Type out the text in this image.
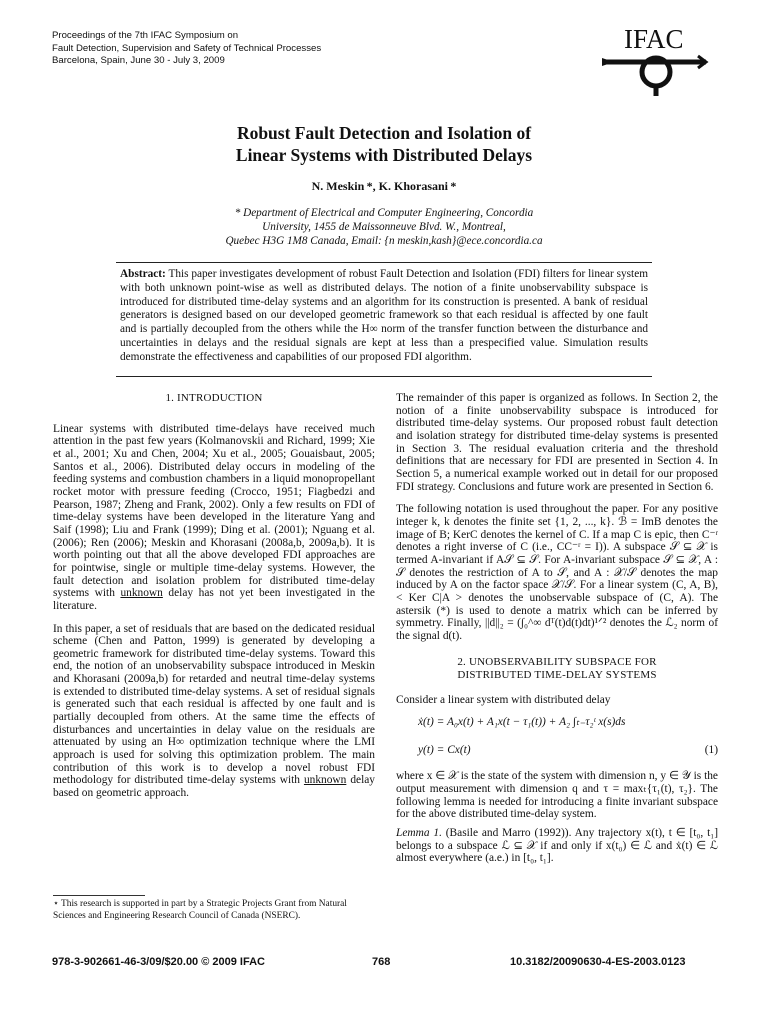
Proceedings of the 7th IFAC Symposium on
Fault Detection, Supervision and Safety of Technical Processes
Barcelona, Spain, June 30 - July 3, 2009
IFAC
Robust Fault Detection and Isolation of
Linear Systems with Distributed Delays
N. Meskin *, K. Khorasani *
* Department of Electrical and Computer Engineering, Concordia
University, 1455 de Maissonneuve Blvd. W., Montreal,
Quebec H3G 1M8 Canada, Email: {n meskin,kash}@ece.concordia.ca
Abstract: This paper investigates development of robust Fault Detection and Isolation (FDI) filters for linear system with both unknown point-wise as well as distributed delays. The notion of a finite unobservability subspace is introduced for distributed time-delay systems and an algorithm for its construction is presented. A bank of residual generators is designed based on our developed geometric framework so that each residual is affected by one fault and is partially decoupled from the others while the H∞ norm of the transfer function between the disturbance and uncertainties in delays and the residual signals are kept at less than a prespecified value. Simulation results demonstrate the effectiveness and capabilities of our proposed FDI algorithm.
1. INTRODUCTION

Linear systems with distributed time-delays have received much attention in the past few years (Kolmanovskii and Richard, 1999; Xie et al., 2001; Xu and Chen, 2004; Xu et al., 2005; Gouaisbaut, 2005; Santos et al., 2006). Distributed delay occurs in modeling of the feeding systems and combustion chambers in a liquid monopropellant rocket motor with pressure feeding (Crocco, 1951; Fiagbedzi and Pearson, 1987; Zheng and Frank, 2002). Only a few results on FDI of time-delay systems have been developed in the literature Yang and Saif (1998); Liu and Frank (1999); Ding et al. (2001); Nguang et al. (2006); Ren (2006); Meskin and Khorasani (2008a,b, 2009a,b). It is worth pointing out that all the above developed FDI approaches are for pointwise, single or multiple time-delay systems. However, the fault detection and isolation problem for distributed time-delay systems with unknown delay has not yet been investigated in the literature.

In this paper, a set of residuals that are based on the dedicated residual scheme (Chen and Patton, 1999) is generated by developing a geometric framework for distributed time-delay systems. Toward this end, the notion of an unobservability subspace introduced in Meskin and Khorasani (2009a,b) for retarded and neutral time-delay systems is extended to distributed time-delay systems. A set of residual signals is generated such that each residual is affected by one fault and is partially decoupled from others. At the same time the effects of disturbances and uncertainties in delay value on the residuals are attenuated by using an H∞ optimization technique where the LMI approach is used for solving this optimization problem. The main contribution of this work is to develop a novel robust FDI methodology for distributed time-delay systems with unknown delay based on geometric approach.

The remainder of this paper is organized as follows. In Section 2, the notion of a finite unobservability subspace is introduced for distributed time-delay systems. Our proposed robust fault detection and isolation strategy for distributed time-delay systems is presented in Section 3. The residual evaluation criteria and the threshold definitions that are necessary for FDI are presented in Section 4. In Section 5, a numerical example worked out in detail for our proposed FDI strategy. Conclusions and future work are presented in Section 6.

The following notation is used throughout the paper. For any positive integer k, k denotes the finite set {1, 2, ..., k}. ℬ = ImB denotes the image of B; KerC denotes the kernel of C. If a map C is epic, then C⁻ʳ denotes a right inverse of C (i.e., CC⁻ʳ = I)). A subspace 𝒮 ⊆ 𝒳 is termed A-invariant if A𝒮 ⊆ 𝒮. For A-invariant subspace 𝒮 ⊆ 𝒳, A : 𝒮 denotes the restriction of A to 𝒮, and A : 𝒳/𝒮 denotes the map induced by A on the factor space 𝒳/𝒮. For a linear system (C, A, B), < Ker C|A > denotes the unobservable subspace of (C, A). The astersik (*) is used to denote a matrix which can be inferred by symmetry. Finally, ||d||₂ = (∫₀^∞ dᵀ(t)d(t)dt)¹ᐟ² denotes the ℒ₂ norm of the signal d(t).

2. UNOBSERVABILITY SUBSPACE FOR
DISTRIBUTED TIME-DELAY SYSTEMS

Consider a linear system with distributed delay

ẋ(t) = A₀x(t) + A₁x(t − τ₁(t)) + A₂ ∫ₜ₋τ₂ᵗ x(s)ds
y(t) = Cx(t)	(1)

where x ∈ 𝒳 is the state of the system with dimension n, y ∈ 𝒴 is the output measurement with dimension q and τ = maxₜ{τ₁(t), τ₂}. The following lemma is needed for introducing a finite invariant subspace for the above distributed time-delay system.

Lemma 1. (Basile and Marro (1992)). Any trajectory x(t), t ∈ [t₀, t₁] belongs to a subspace ℒ ⊆ 𝒳 if and only if x(t₀) ∈ ℒ and ẋ(t) ∈ ℒ almost everywhere (a.e.) in [t₀, t₁].

⋆ This research is supported in part by a Strategic Projects Grant from Natural Sciences and Engineering Research Council of Canada (NSERC).
978-3-902661-46-3/09/$20.00 © 2009 IFAC	768	10.3182/20090630-4-ES-2003.0123
